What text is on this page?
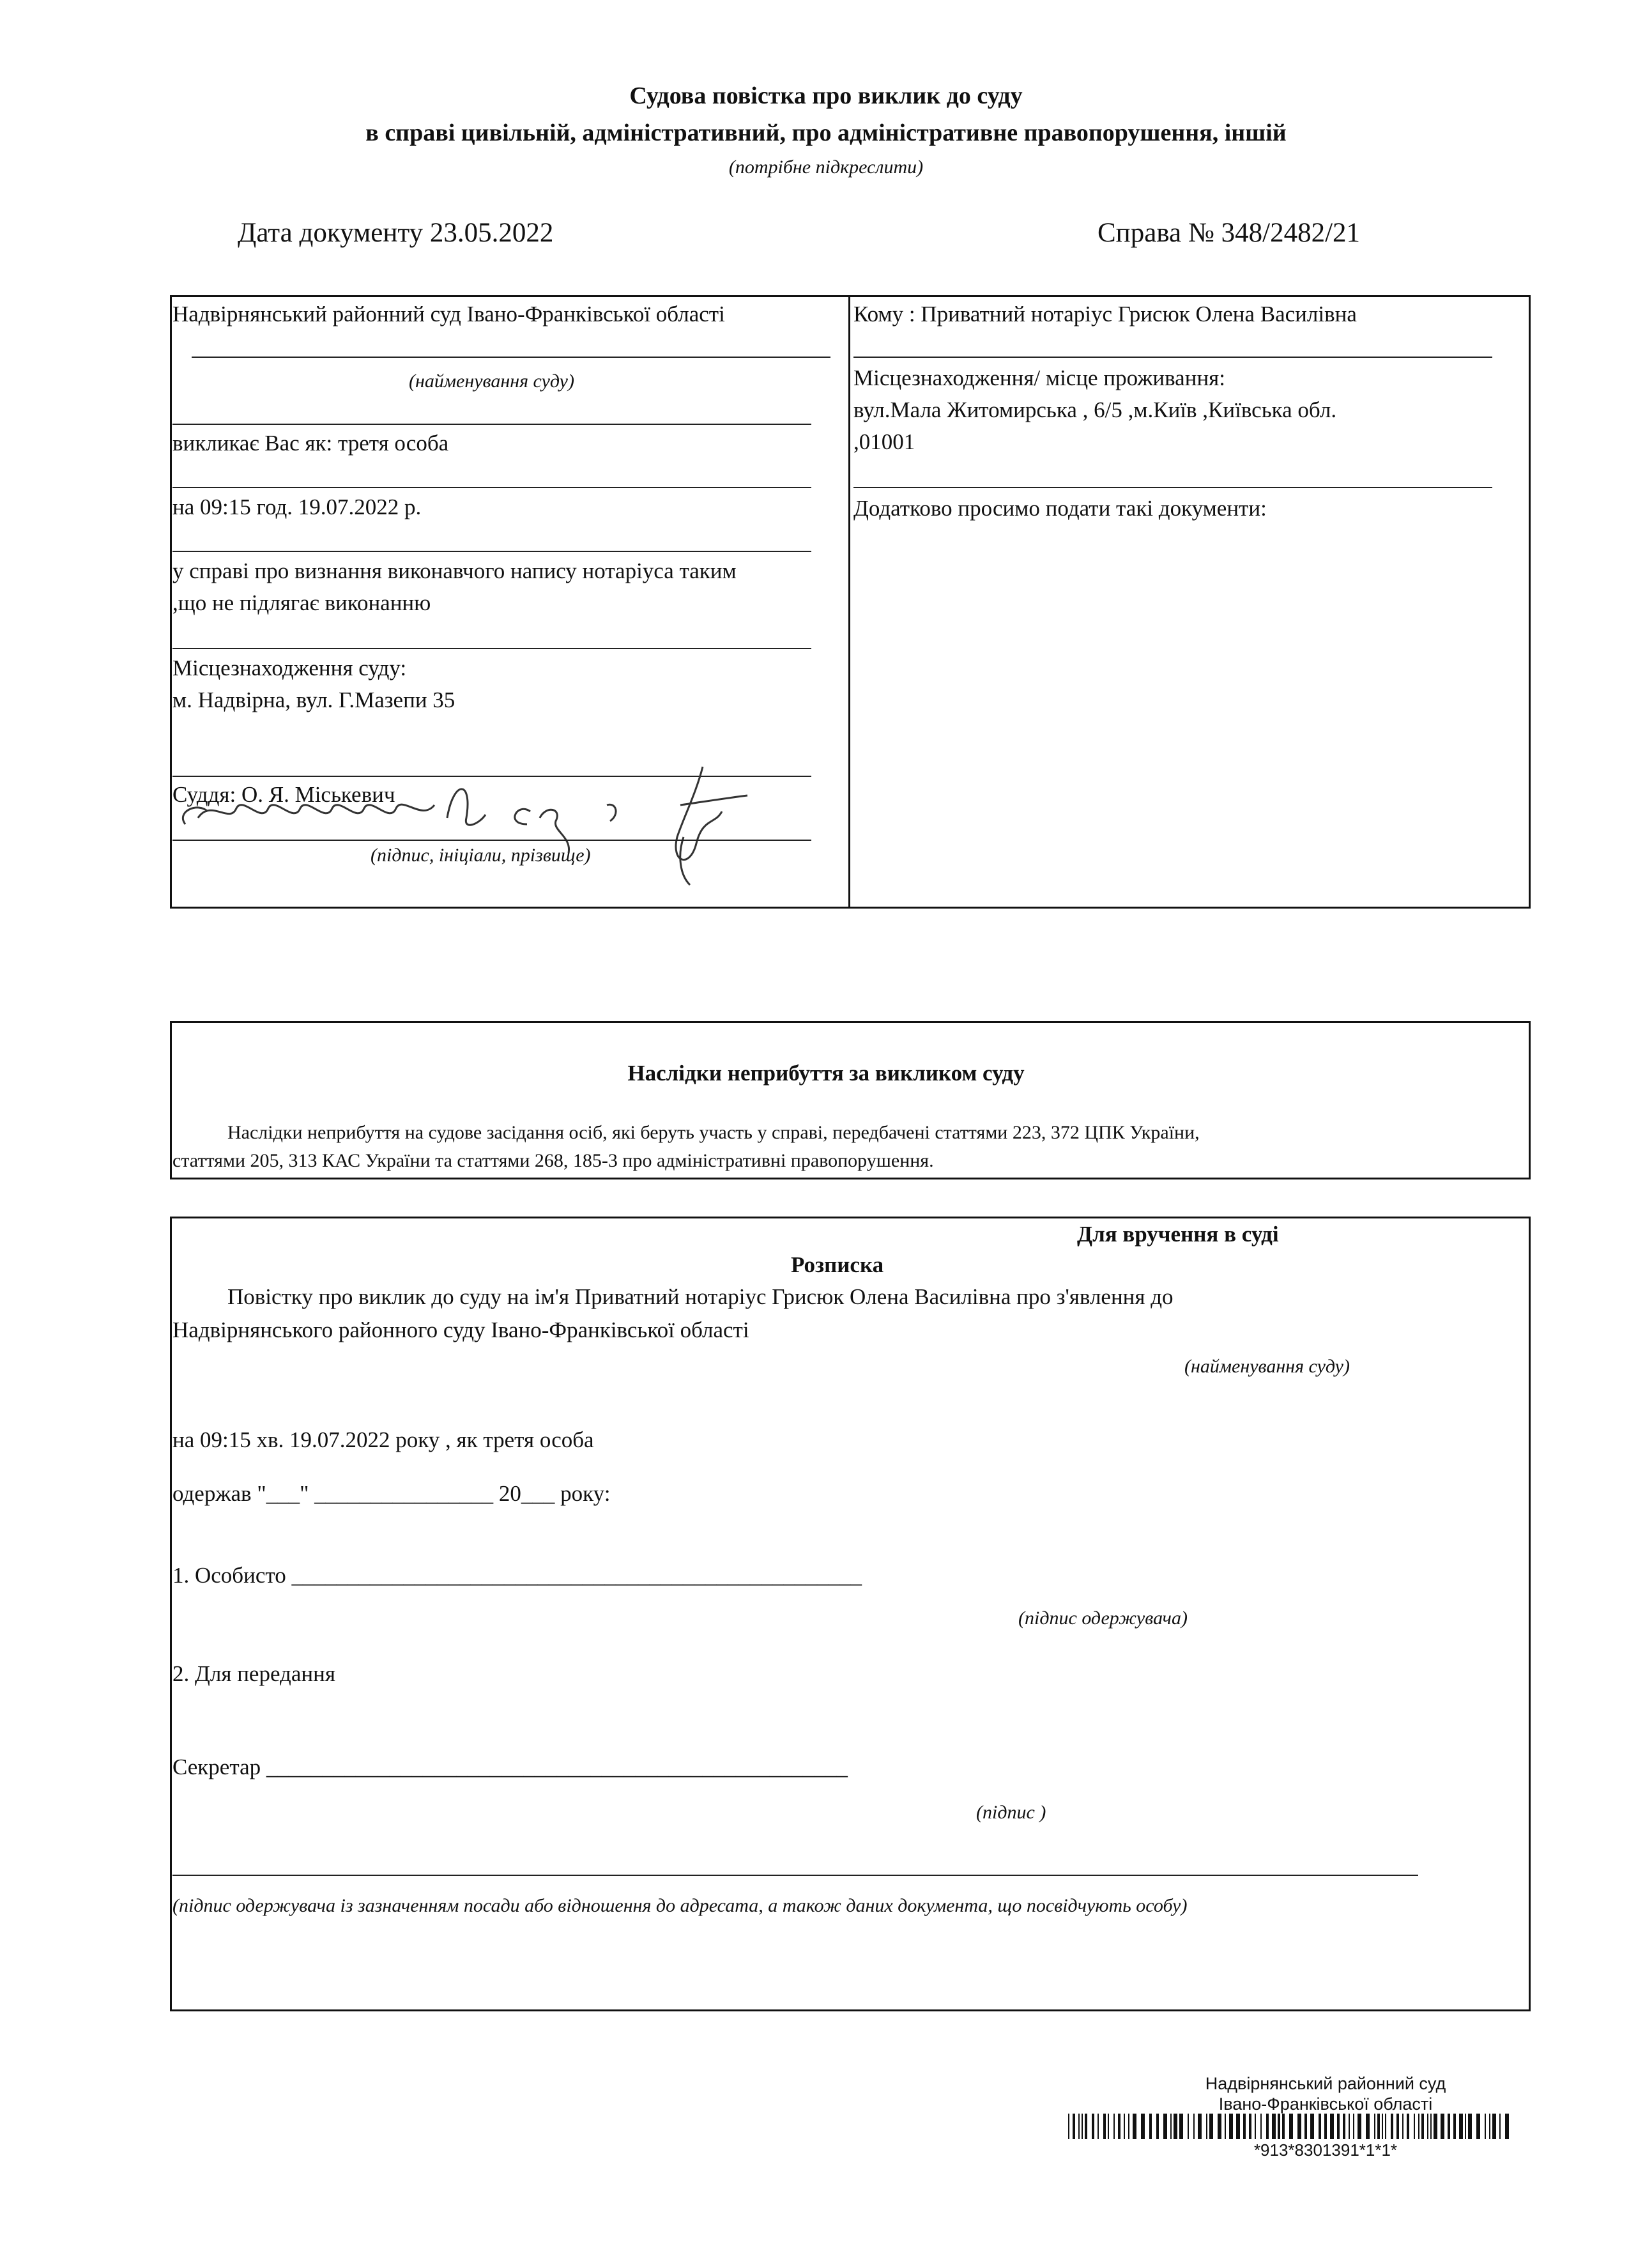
Судова повістка про виклик до суду
в справі цивільній, адміністративний, про адміністративне правопорушення, іншій
(потрібне підкреслити)
Дата документу 23.05.2022	Справа № 348/2482/21
Надвірнянський районний суд Івано-Франківської області
(найменування суду)
викликає Вас як: третя особа
на 09:15 год. 19.07.2022 р.
у справі про визнання виконавчого напису нотаріуса таким
,що не підлягає виконанню
Місцезнаходження суду:
м. Надвірна, вул. Г.Мазепи 35
Суддя: О. Я. Міськевич
(підпис, ініціали, прізвище)
Кому : Приватний нотаріус Грисюк Олена Василівна
Місцезнаходження/ місце проживання:
вул.Мала Житомирська , 6/5 ,м.Київ ,Київська обл.
,01001
Додатково просимо подати такі документи:
Наслідки неприбуття за викликом суду
Наслідки неприбуття на судове засідання осіб, які беруть участь у справі, передбачені статтями 223, 372 ЦПК України,
статтями 205, 313 КАС України та статтями 268, 185-3 про адміністративні правопорушення.
Для вручення в суді
Розписка
Повістку про виклик до суду на ім'я Приватний нотаріус Грисюк Олена Василівна про з'явлення до
Надвірнянського районного суду Івано-Франківської області
(найменування суду)
на 09:15 хв. 19.07.2022 року , як третя особа
одержав "___" ________________ 20___ року:
1. Особисто ___________________________________________________
(підпис одержувача)
2. Для передання
Секретар ____________________________________________________
(підпис )
(підпис одержувача із зазначенням посади або відношення до адресата, а також даних документа, що посвідчують особу)
Надвірнянський районний суд
Івано-Франківської області
*913*8301391*1*1*
